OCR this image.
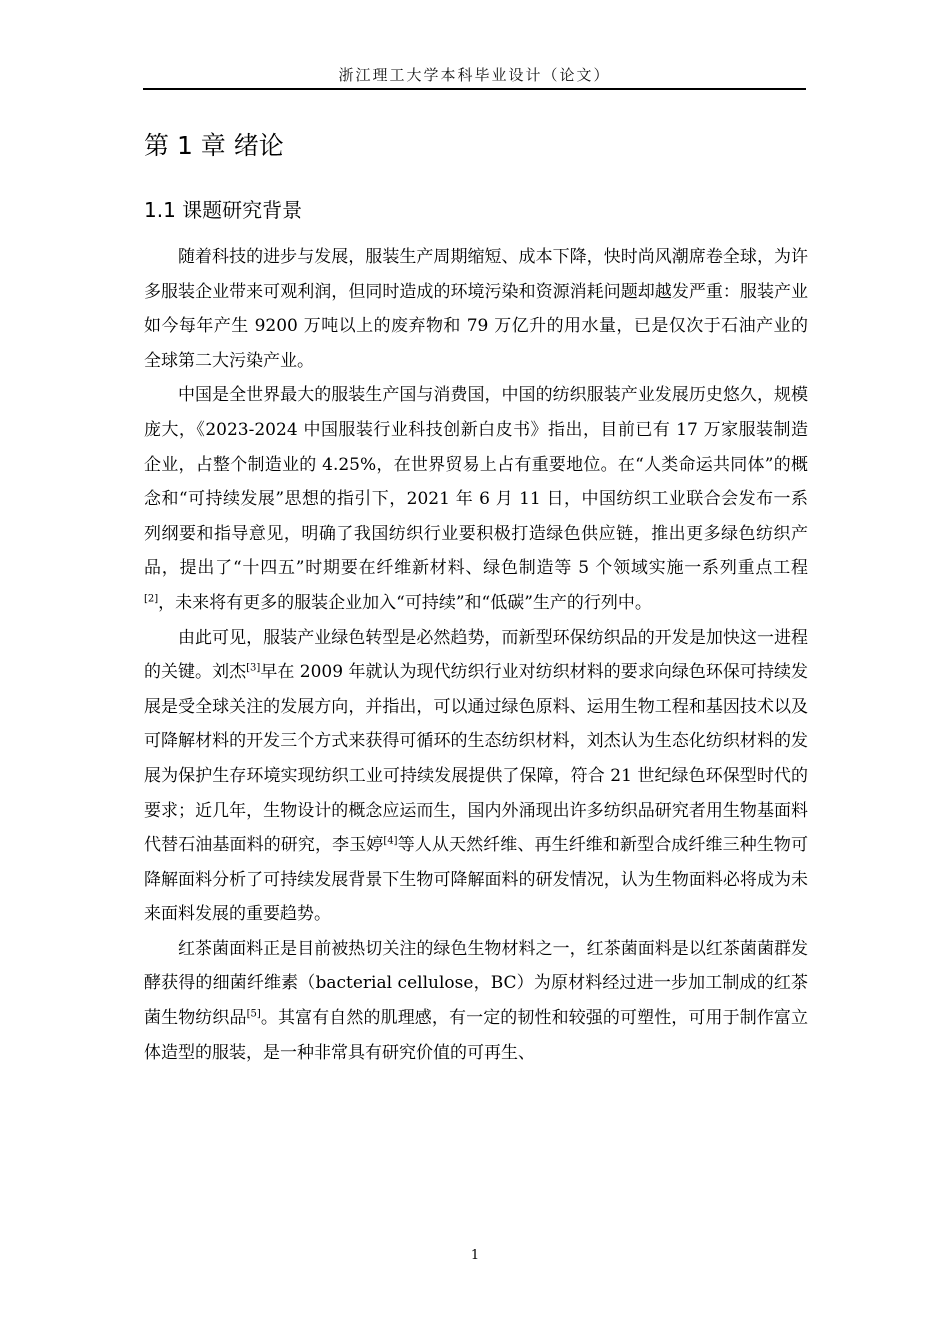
浙江理工大学本科毕业设计（论文）
第 1 章 绪论
1.1 课题研究背景

随着科技的进步与发展，服装生产周期缩短、成本下降，快时尚风潮席卷全球，为许多服装企业带来可观利润，但同时造成的环境污染和资源消耗问题却越发严重：服装产业如今每年产生 9200 万吨以上的废弃物和 79 万亿升的用水量，已是仅次于石油产业的全球第二大污染产业。

中国是全世界最大的服装生产国与消费国，中国的纺织服装产业发展历史悠久，规模庞大，《2023-2024 中国服装行业科技创新白皮书》指出，目前已有 17 万家服装制造企业，占整个制造业的 4.25%，在世界贸易上占有重要地位。在“人类命运共同体”的概念和“可持续发展”思想的指引下，2021 年 6 月 11 日，中国纺织工业联合会发布一系列纲要和指导意见，明确了我国纺织行业要积极打造绿色供应链，推出更多绿色纺织产品，提出了“十四五”时期要在纤维新材料、绿色制造等 5 个领域实施一系列重点工程[2]，未来将有更多的服装企业加入“可持续”和“低碳”生产的行列中。

由此可见，服装产业绿色转型是必然趋势，而新型环保纺织品的开发是加快这一进程的关键。刘杰[3]早在 2009 年就认为现代纺织行业对纺织材料的要求向绿色环保可持续发展是受全球关注的发展方向，并指出，可以通过绿色原料、运用生物工程和基因技术以及可降解材料的开发三个方式来获得可循环的生态纺织材料，刘杰认为生态化纺织材料的发展为保护生存环境实现纺织工业可持续发展提供了保障，符合 21 世纪绿色环保型时代的要求；近几年，生物设计的概念应运而生，国内外涌现出许多纺织品研究者用生物基面料代替石油基面料的研究，李玉婷[4]等人从天然纤维、再生纤维和新型合成纤维三种生物可降解面料分析了可持续发展背景下生物可降解面料的研发情况，认为生物面料必将成为未来面料发展的重要趋势。

红茶菌面料正是目前被热切关注的绿色生物材料之一，红茶菌面料是以红茶菌菌群发酵获得的细菌纤维素（bacterial cellulose，BC）为原材料经过进一步加工制成的红茶菌生物纺织品[5]。其富有自然的肌理感，有一定的韧性和较强的可塑性，可用于制作富立体造型的服装，是一种非常具有研究价值的可再生、

1
